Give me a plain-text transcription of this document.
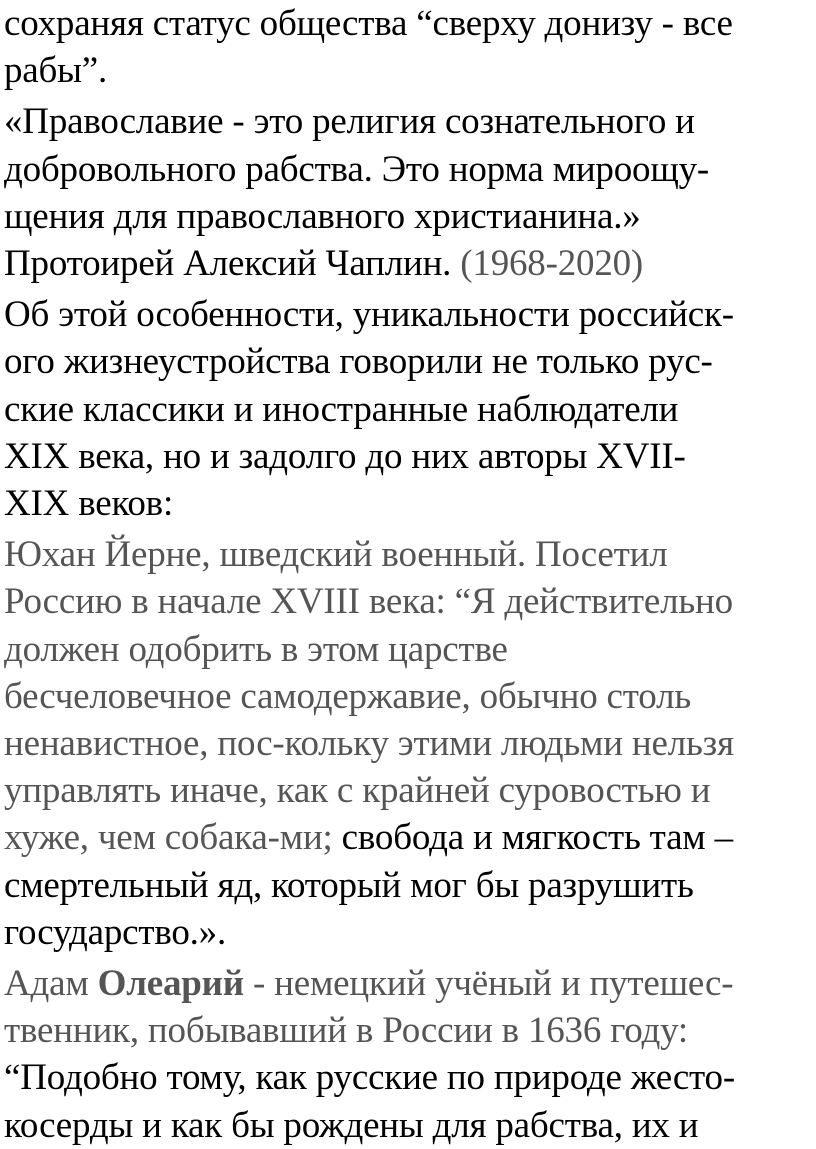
сохраняя статус общества “сверху донизу - все
рабы”.

«Православие - это религия сознательного и
добровольного рабства. Это норма мироощу-
щения для православного христианина.»
Протоирей Алексий Чаплин. (1968-2020)

Об этой особенности, уникальности российск-
ого жизнеустройства говорили не только рус-
ские классики и иностранные наблюдатели
XIX века, но и задолго до них авторы XVII-
XIX веков:

Юхан Йерне, шведский военный. Посетил
Россию в начале XVIII века: “Я действительно
должен одобрить в этом царстве
бесчеловечное самодержавие, обычно столь
ненавистное, пос-кольку этими людьми нельзя
управлять иначе, как с крайней суровостью и
хуже, чем собака-ми; свобода и мягкость там –
смертельный яд, который мог бы разрушить
государство.».

Адам Олеарий - немецкий учёный и путешес-
твенник, побывавший в России в 1636 году:
“Подобно тому, как русские по природе жесто-
косерды и как бы рождены для рабства, их и
